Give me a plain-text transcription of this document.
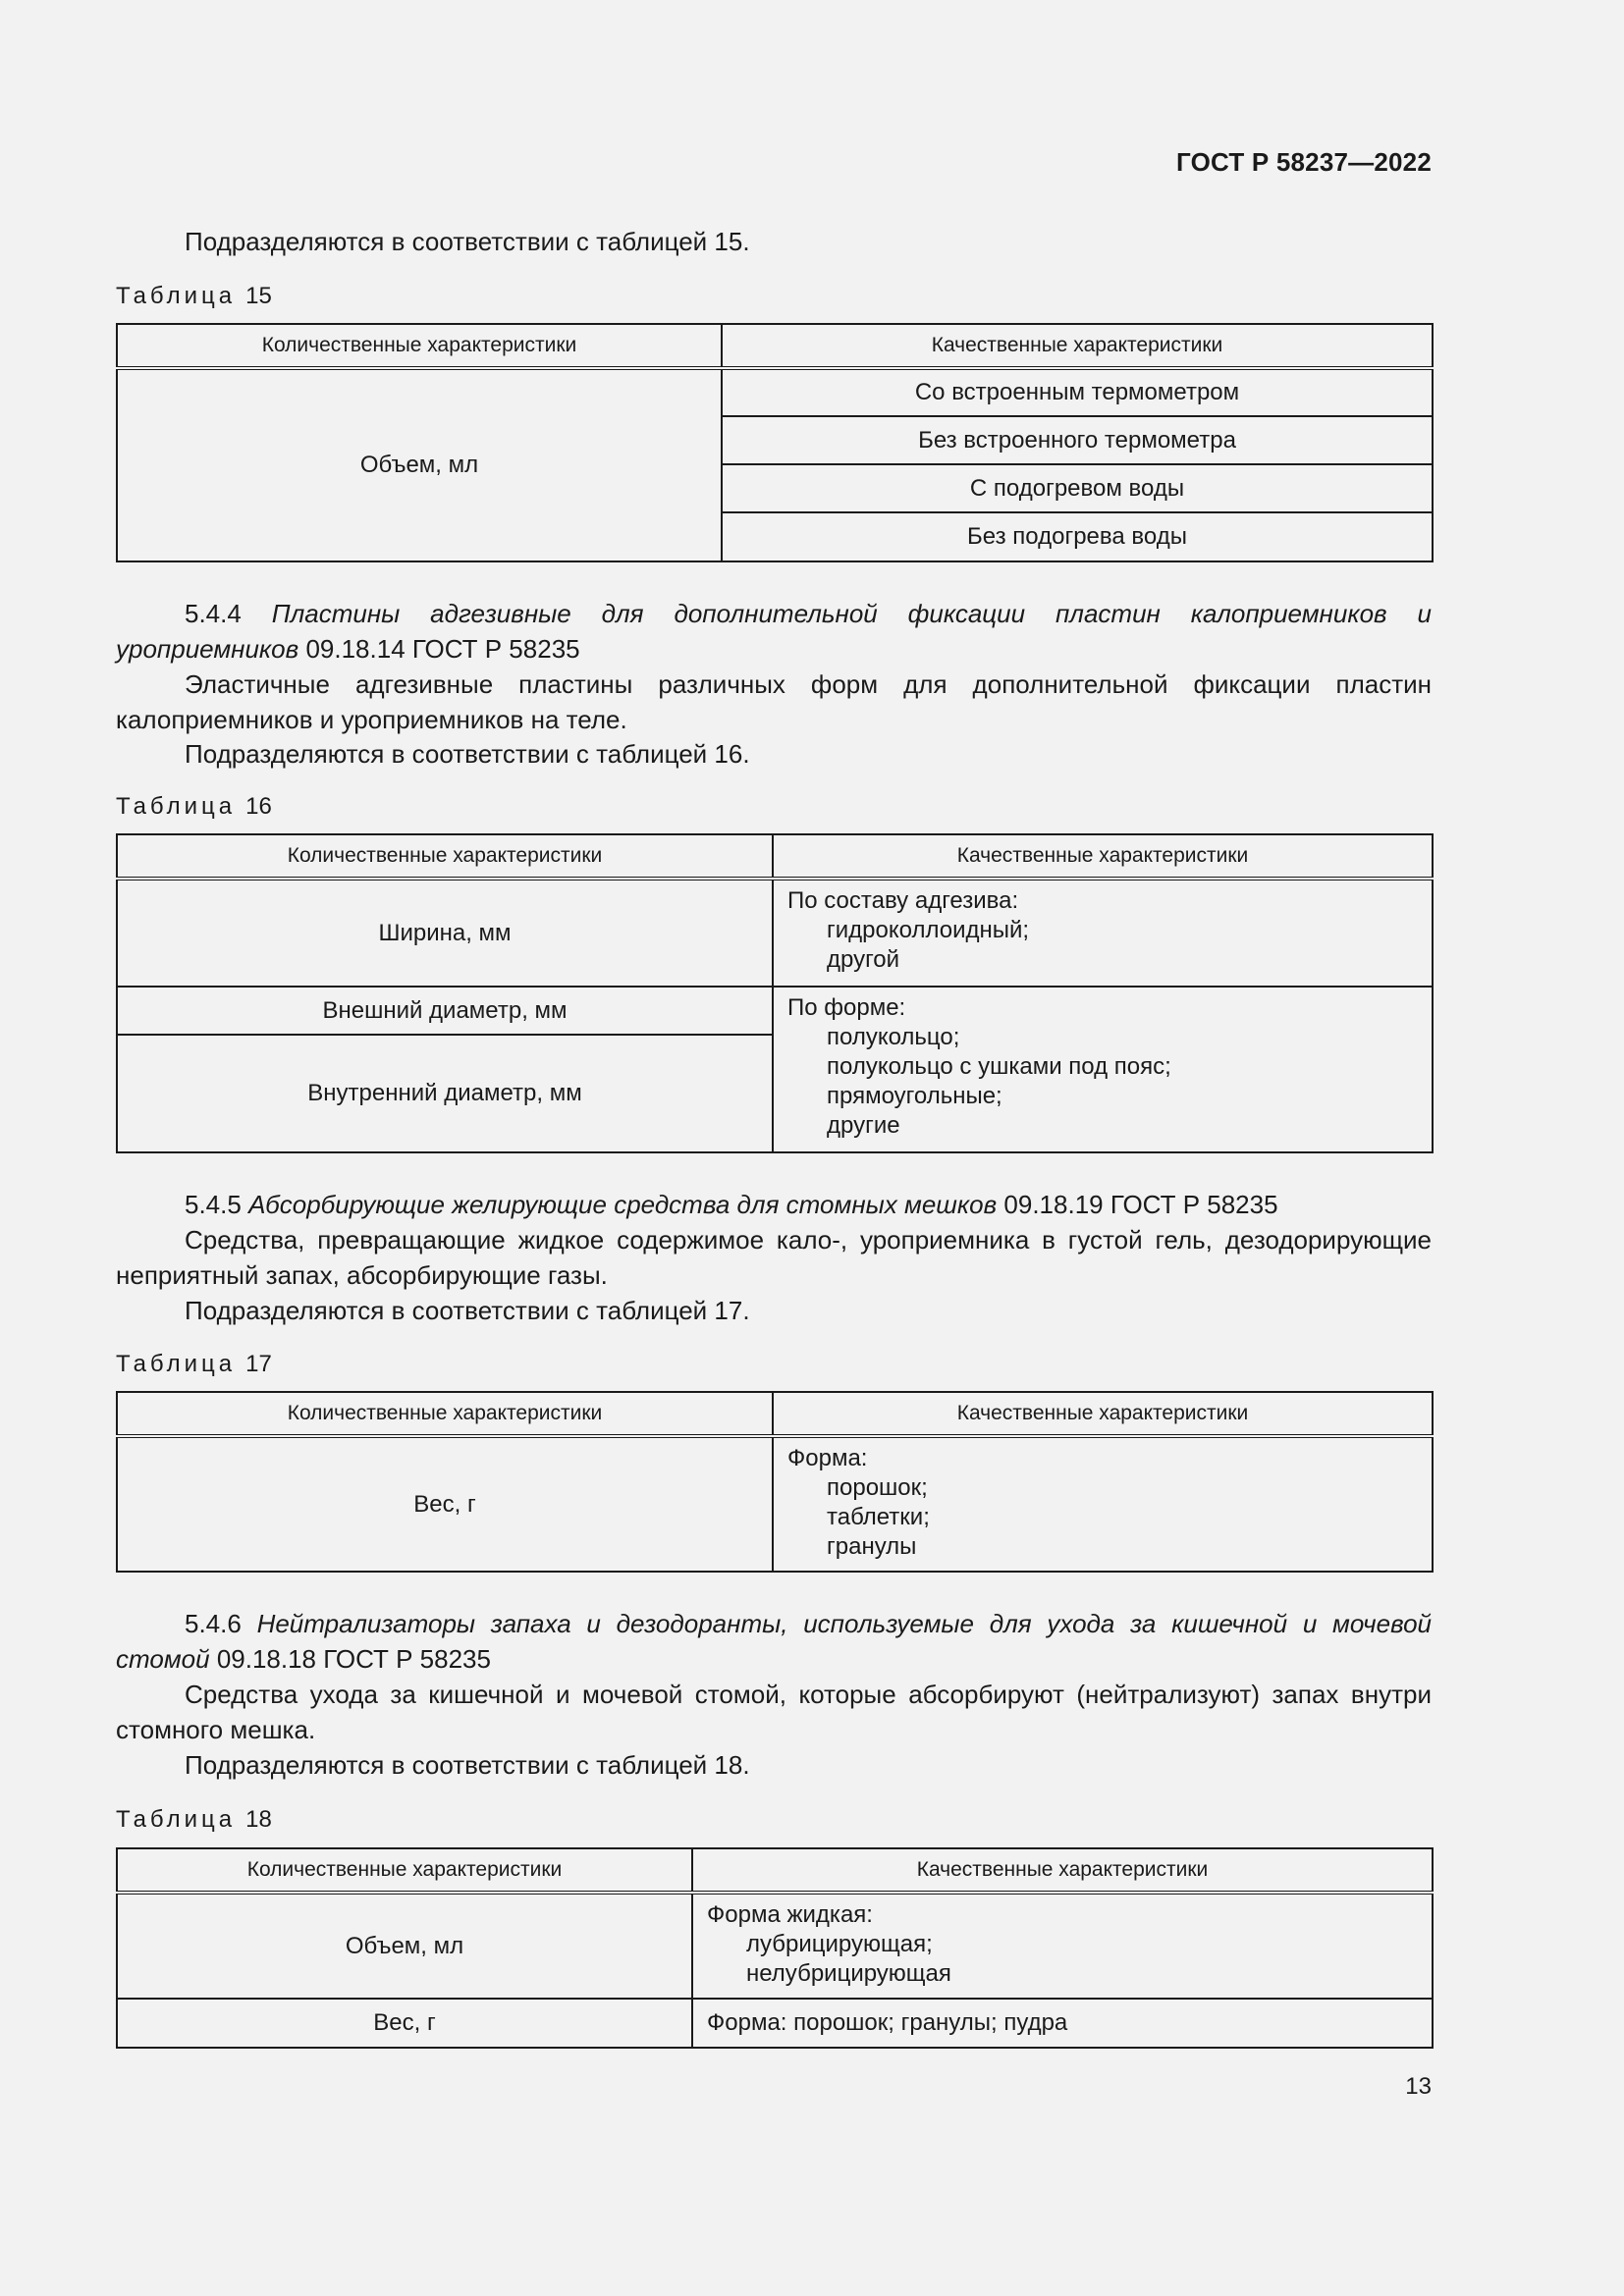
ГОСТ Р 58237—2022

Подразделяются в соответствии с таблицей 15.

Таблица 15
Количественные характеристики	Качественные характеристики
Объем, мл	Со встроенным термометром
	Без встроенного термометра
	С подогревом воды
	Без подогрева воды

5.4.4 Пластины адгезивные для дополнительной фиксации пластин калоприемников и уроприемников 09.18.14 ГОСТ Р 58235

Эластичные адгезивные пластины различных форм для дополнительной фиксации пластин калоприемников и уроприемников на теле.

Подразделяются в соответствии с таблицей 16.

Таблица 16
Количественные характеристики	Качественные характеристики
Ширина, мм	По составу адгезива:
гидроколлоидный;
другой

Внешний диаметр, мм	По форме:
полукольцо;
полукольцо с ушками под пояс;
прямоугольные;
другие

Внутренний диаметр, мм	

5.4.5 Абсорбирующие желирующие средства для стомных мешков 09.18.19 ГОСТ Р 58235

Средства, превращающие жидкое содержимое кало-, уроприемника в густой гель, дезодорирующие неприятный запах, абсорбирующие газы.

Подразделяются в соответствии с таблицей 17.

Таблица 17
Количественные характеристики	Качественные характеристики
Вес, г	Форма:
порошок;
таблетки;
гранулы

5.4.6 Нейтрализаторы запаха и дезодоранты, используемые для ухода за кишечной и мочевой стомой 09.18.18 ГОСТ Р 58235

Средства ухода за кишечной и мочевой стомой, которые абсорбируют (нейтрализуют) запах внутри стомного мешка.

Подразделяются в соответствии с таблицей 18.

Таблица 18
Количественные характеристики	Качественные характеристики
Объем, мл	Форма жидкая:
лубрицирующая;
нелубрицирующая

Вес, г	Форма: порошок; гранулы; пудра
13
